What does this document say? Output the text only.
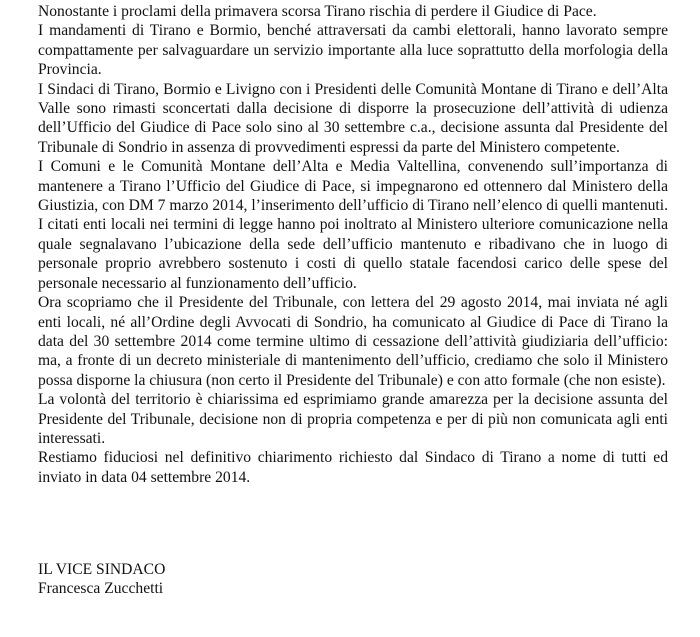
Nonostante i proclami della primavera scorsa Tirano rischia di perdere il Giudice di Pace.

I mandamenti di Tirano e Bormio, benché attraversati da cambi elettorali, hanno lavorato sempre compattamente per salvaguardare un servizio importante alla luce soprattutto della morfologia della Provincia.

I Sindaci di Tirano, Bormio e Livigno con i Presidenti delle Comunità Montane di Tirano e dell’Alta Valle sono rimasti sconcertati dalla decisione di disporre la prosecuzione dell’attività di udienza dell’Ufficio del Giudice di Pace solo sino al 30 settembre c.a., decisione assunta dal Presidente del Tribunale di Sondrio in assenza di provvedimenti espressi da parte del Ministero competente.

I Comuni e le Comunità Montane dell’Alta e Media Valtellina, convenendo sull’importanza di mantenere a Tirano l’Ufficio del Giudice di Pace, si impegnarono ed ottennero dal Ministero della Giustizia, con DM 7 marzo 2014, l’inserimento dell’ufficio di Tirano nell’elenco di quelli mantenuti. I citati enti locali nei termini di legge hanno poi inoltrato al Ministero ulteriore comunicazione nella quale segnalavano l’ubicazione della sede dell’ufficio mantenuto e ribadivano che in luogo di personale proprio avrebbero sostenuto i costi di quello statale facendosi carico delle spese del personale necessario al funzionamento dell’ufficio.

Ora scopriamo che il Presidente del Tribunale, con lettera del 29 agosto 2014, mai inviata né agli enti locali, né all’Ordine degli Avvocati di Sondrio, ha comunicato al Giudice di Pace di Tirano la data del 30 settembre 2014 come termine ultimo di cessazione dell’attività giudiziaria dell’ufficio: ma, a fronte di un decreto ministeriale di mantenimento dell’ufficio, crediamo che solo il Ministero possa disporne la chiusura (non certo il Presidente del Tribunale) e con atto formale (che non esiste).

La volontà del territorio è chiarissima ed esprimiamo grande amarezza per la decisione assunta del Presidente del Tribunale, decisione non di propria competenza e per di più non comunicata agli enti interessati.

Restiamo fiduciosi nel definitivo chiarimento richiesto dal Sindaco di Tirano a nome di tutti ed inviato in data 04 settembre 2014.

IL VICE SINDACO
Francesca Zucchetti
